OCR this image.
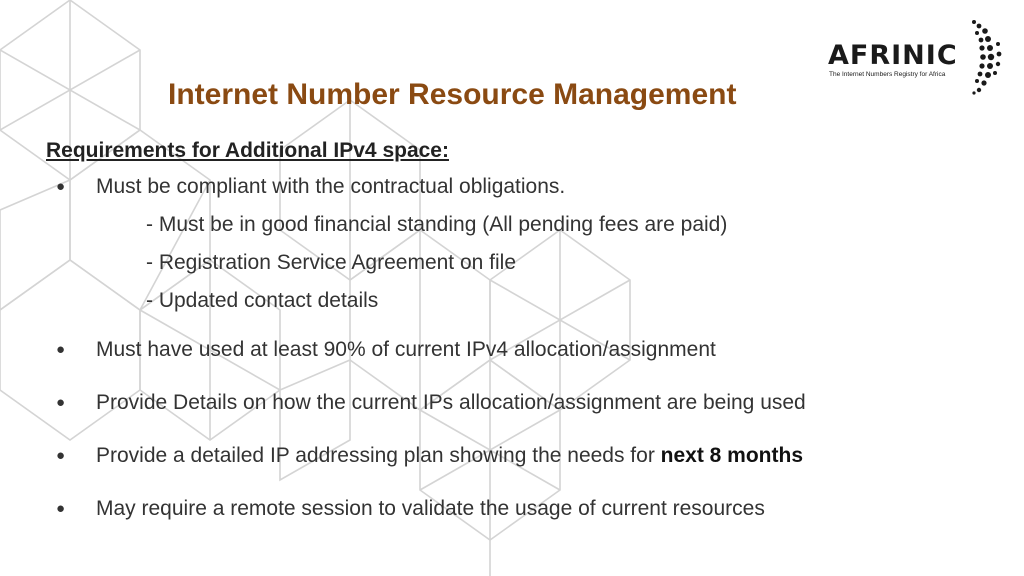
AFRINIC
The Internet Numbers Registry for Africa
Internet Number Resource Management
Requirements for Additional IPv4 space:
● Must be compliant with the contractual obligations.
- Must be in good financial standing (All pending fees are paid)
- Registration Service Agreement on file
- Updated contact details
● Must have used at least 90% of current IPv4 allocation/assignment
● Provide Details on how the current IPs allocation/assignment are being used
● Provide a detailed IP addressing plan showing the needs for next 8 months
● May require a remote session to validate the usage of current resources
